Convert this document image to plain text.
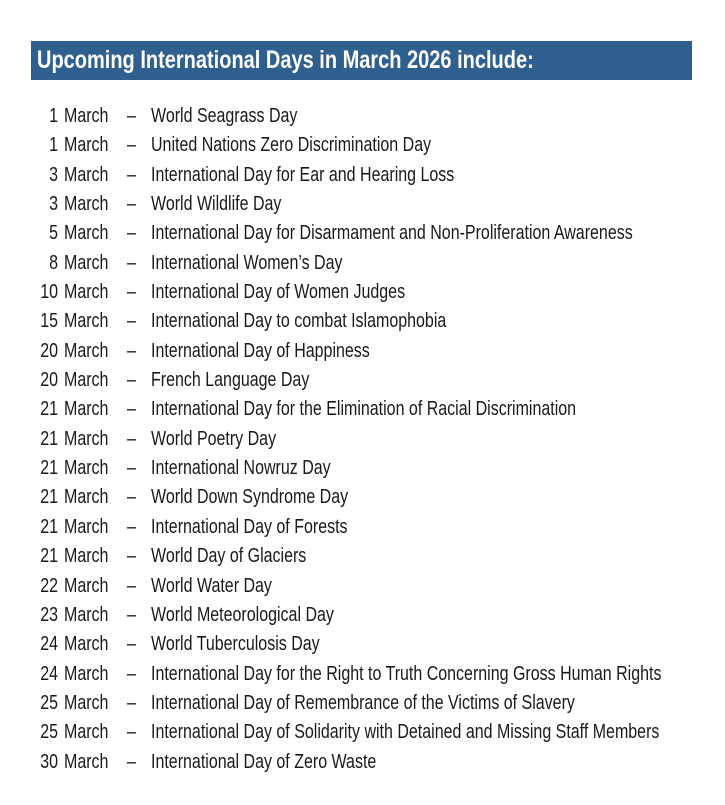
Upcoming International Days in March 2026 include:
1 March – World Seagrass Day
1 March – United Nations Zero Discrimination Day
3 March – International Day for Ear and Hearing Loss
3 March – World Wildlife Day
5 March – International Day for Disarmament and Non-Proliferation Awareness
8 March – International Women’s Day
10 March – International Day of Women Judges
15 March – International Day to combat Islamophobia
20 March – International Day of Happiness
20 March – French Language Day
21 March – International Day for the Elimination of Racial Discrimination
21 March – World Poetry Day
21 March – International Nowruz Day
21 March – World Down Syndrome Day
21 March – International Day of Forests
21 March – World Day of Glaciers
22 March – World Water Day
23 March – World Meteorological Day
24 March – World Tuberculosis Day
24 March – International Day for the Right to Truth Concerning Gross Human Rights
25 March – International Day of Remembrance of the Victims of Slavery
25 March – International Day of Solidarity with Detained and Missing Staff Members
30 March – International Day of Zero Waste
